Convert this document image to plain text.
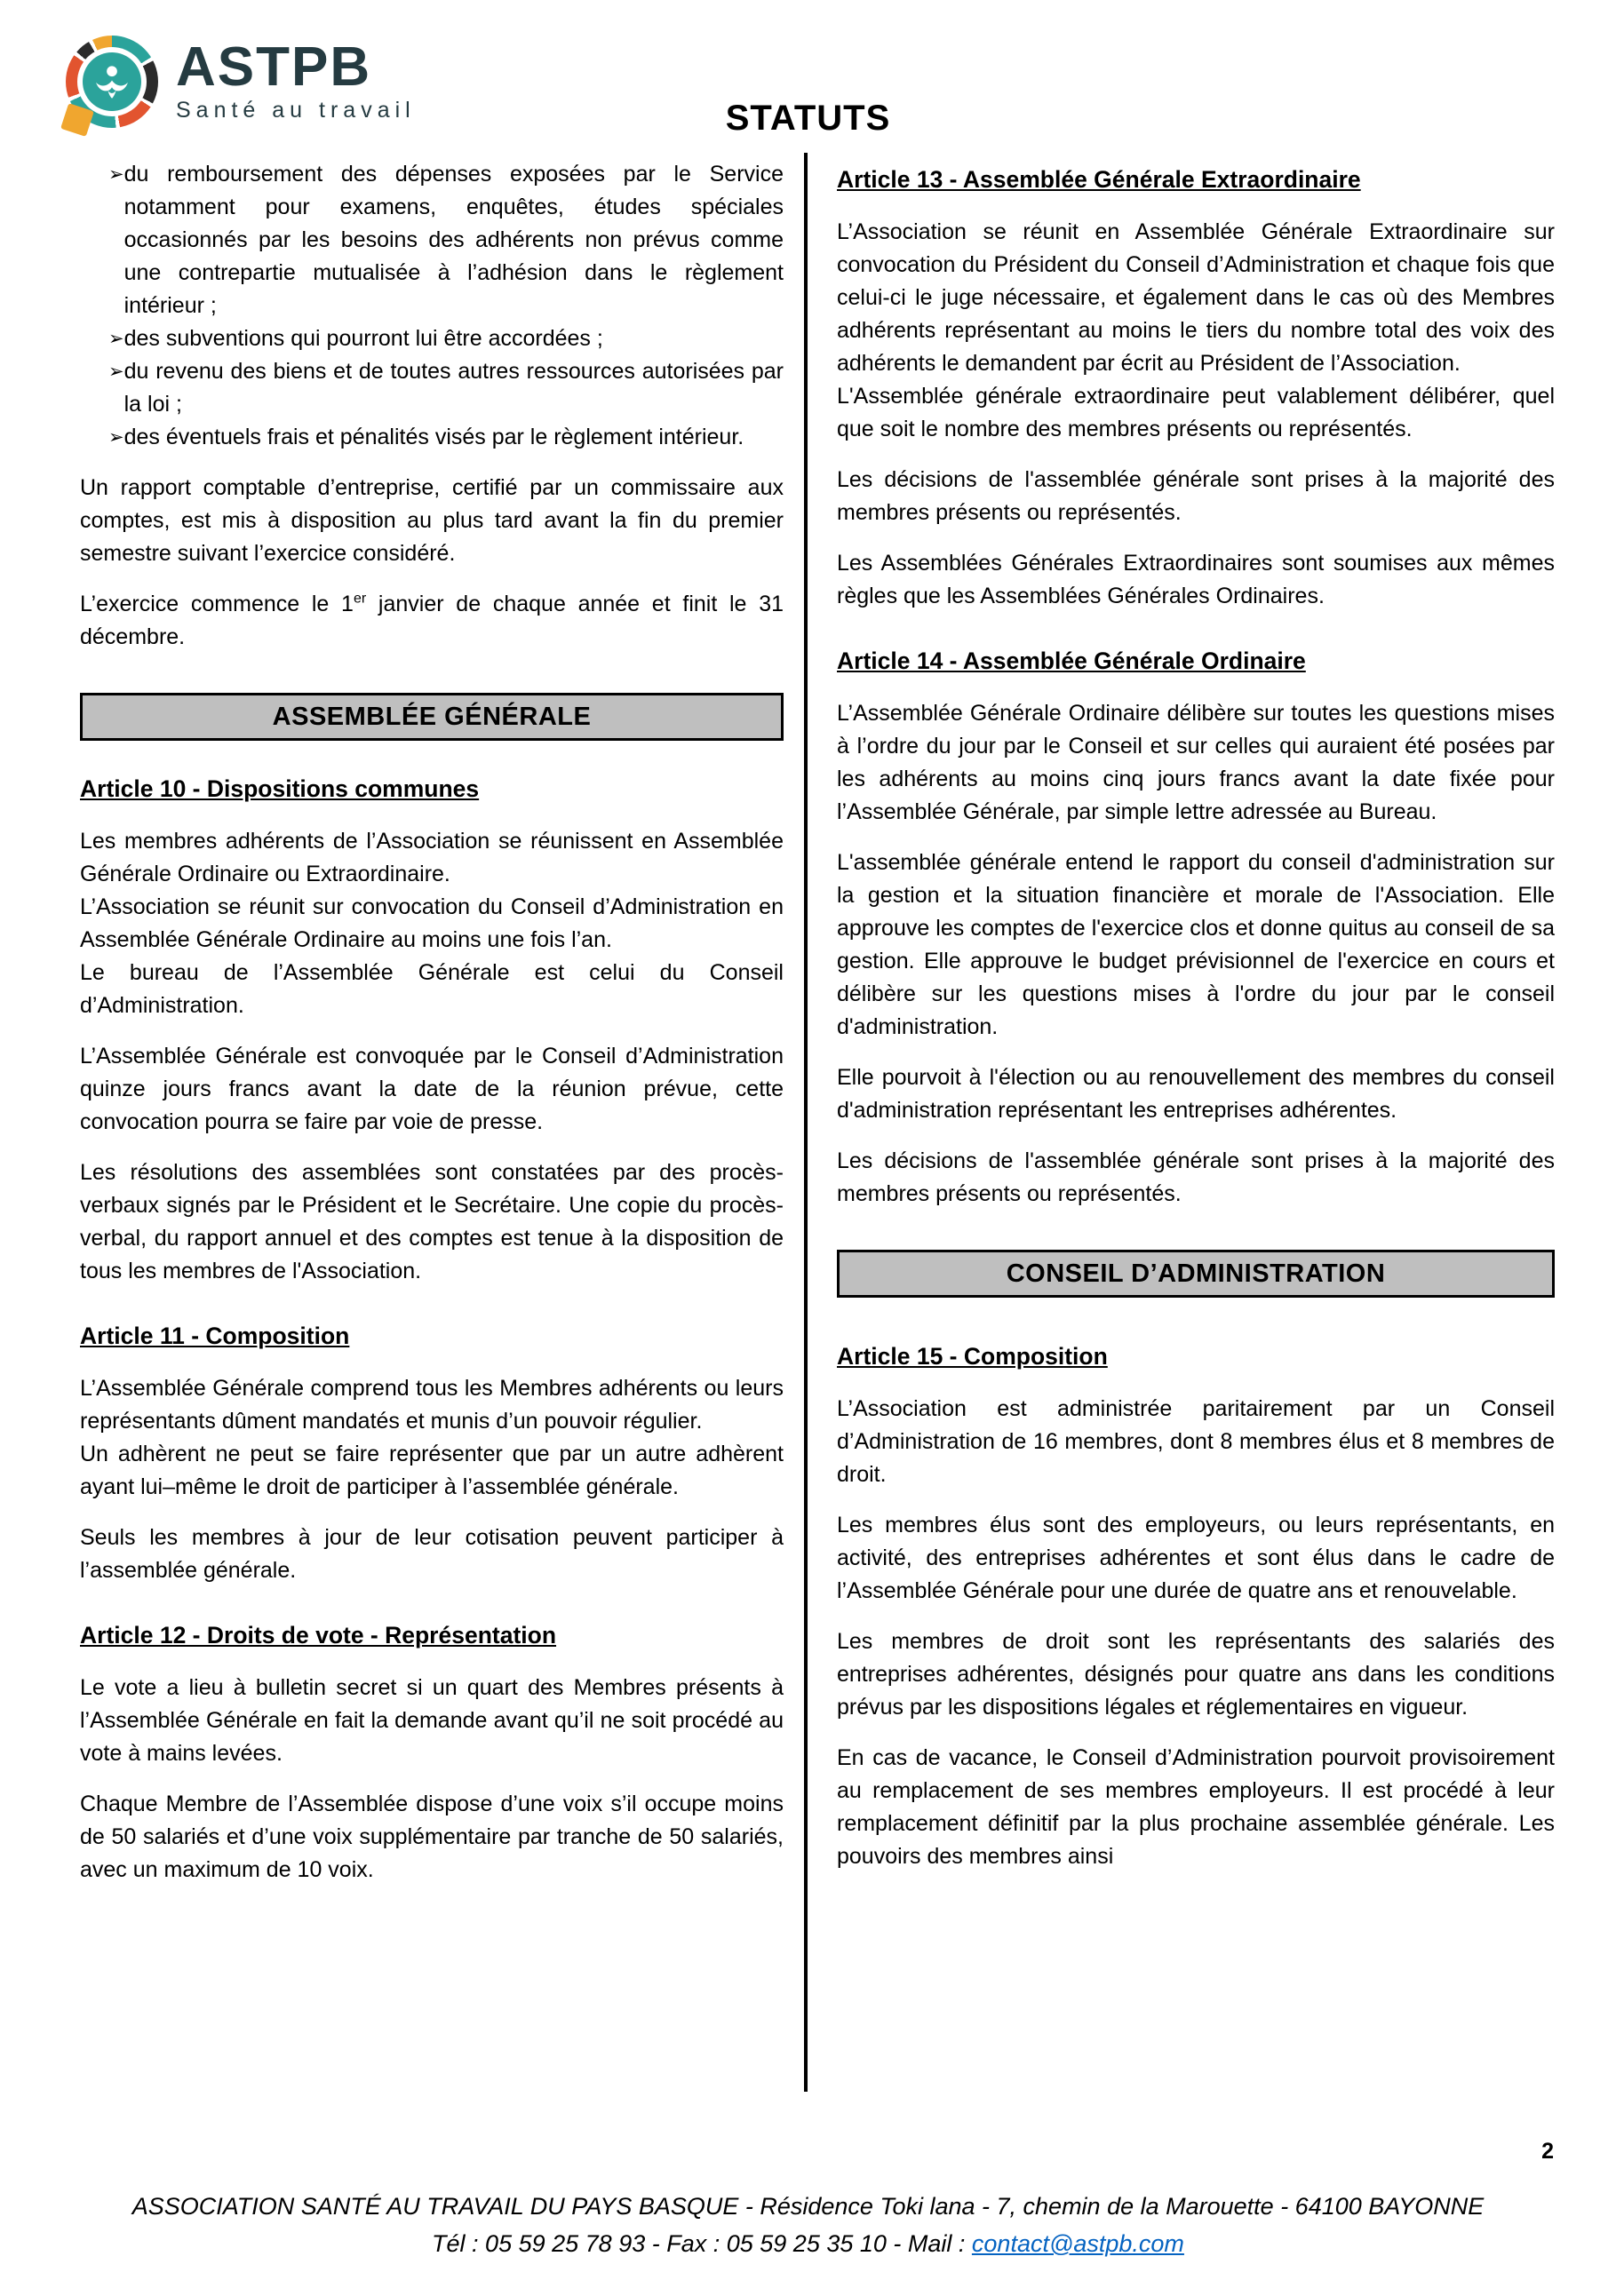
ASTPB
Santé au travail	STATUTS
➢ du remboursement des dépenses exposées par le Service notamment pour examens, enquêtes, études spéciales occasionnés par les besoins des adhérents non prévus comme une contrepartie mutualisée à l’adhésion dans le règlement intérieur ;
➢ des subventions qui pourront lui être accordées ;
➢ du revenu des biens et de toutes autres ressources autorisées par la loi ;
➢ des éventuels frais et pénalités visés par le règlement intérieur.

Un rapport comptable d’entreprise, certifié par un commissaire aux comptes, est mis à disposition au plus tard avant la fin du premier semestre suivant l’exercice considéré.

L’exercice commence le 1er janvier de chaque année et finit le 31 décembre.

ASSEMBLÉE GÉNÉRALE
Article 10 - Dispositions communes

Les membres adhérents de l’Association se réunissent en Assemblée Générale Ordinaire ou Extraordinaire.

L’Association se réunit sur convocation du Conseil d’Administration en Assemblée Générale Ordinaire au moins une fois l’an.

Le bureau de l’Assemblée Générale est celui du Conseil d’Administration.

L’Assemblée Générale est convoquée par le Conseil d’Administration quinze jours francs avant la date de la réunion prévue, cette convocation pourra se faire par voie de presse.

Les résolutions des assemblées sont constatées par des procès-verbaux signés par le Président et le Secrétaire. Une copie du procès-verbal, du rapport annuel et des comptes est tenue à la disposition de tous les membres de l'Association.

Article 11 - Composition

L’Assemblée Générale comprend tous les Membres adhérents ou leurs représentants dûment mandatés et munis d’un pouvoir régulier.

Un adhèrent ne peut se faire représenter que par un autre adhèrent ayant lui–même le droit de participer à l’assemblée générale.

Seuls les membres à jour de leur cotisation peuvent participer à l’assemblée générale.

Article 12 - Droits de vote - Représentation

Le vote a lieu à bulletin secret si un quart des Membres présents à l’Assemblée Générale en fait la demande avant qu’il ne soit procédé au vote à mains levées.

Chaque Membre de l’Assemblée dispose d’une voix s’il occupe moins de 50 salariés et d’une voix supplémentaire par tranche de 50 salariés, avec un maximum de 10 voix.

Article 13 - Assemblée Générale Extraordinaire

L’Association se réunit en Assemblée Générale Extraordinaire sur convocation du Président du Conseil d’Administration et chaque fois que celui-ci le juge nécessaire, et également dans le cas où des Membres adhérents représentant au moins le tiers du nombre total des voix des adhérents le demandent par écrit au Président de l’Association.

L'Assemblée générale extraordinaire peut valablement délibérer, quel que soit le nombre des membres présents ou représentés.

Les décisions de l'assemblée générale sont prises à la majorité des membres présents ou représentés.

Les Assemblées Générales Extraordinaires sont soumises aux mêmes règles que les Assemblées Générales Ordinaires.

Article 14 - Assemblée Générale Ordinaire

L’Assemblée Générale Ordinaire délibère sur toutes les questions mises à l’ordre du jour par le Conseil et sur celles qui auraient été posées par les adhérents au moins cinq jours francs avant la date fixée pour l’Assemblée Générale, par simple lettre adressée au Bureau.

L'assemblée générale entend le rapport du conseil d'administration sur la gestion et la situation financière et morale de l'Association. Elle approuve les comptes de l'exercice clos et donne quitus au conseil de sa gestion. Elle approuve le budget prévisionnel de l'exercice en cours et délibère sur les questions mises à l'ordre du jour par le conseil d'administration.

Elle pourvoit à l'élection ou au renouvellement des membres du conseil d'administration représentant les entreprises adhérentes.

Les décisions de l'assemblée générale sont prises à la majorité des membres présents ou représentés.

CONSEIL D’ADMINISTRATION
Article 15 - Composition

L’Association est administrée paritairement par un Conseil d’Administration de 16 membres, dont 8 membres élus et 8 membres de droit.

Les membres élus sont des employeurs, ou leurs représentants, en activité, des entreprises adhérentes et sont élus dans le cadre de l’Assemblée Générale pour une durée de quatre ans et renouvelable.

Les membres de droit sont les représentants des salariés des entreprises adhérentes, désignés pour quatre ans dans les conditions prévus par les dispositions légales et réglementaires en vigueur.

En cas de vacance, le Conseil d’Administration pourvoit provisoirement au remplacement de ses membres employeurs. Il est procédé à leur remplacement définitif par la plus prochaine assemblée générale. Les pouvoirs des membres ainsi

2
ASSOCIATION SANTÉ AU TRAVAIL DU PAYS BASQUE - Résidence Toki lana - 7, chemin de la Marouette - 64100 BAYONNE
Tél : 05 59 25 78 93 - Fax : 05 59 25 35 10 - Mail : contact@astpb.com
